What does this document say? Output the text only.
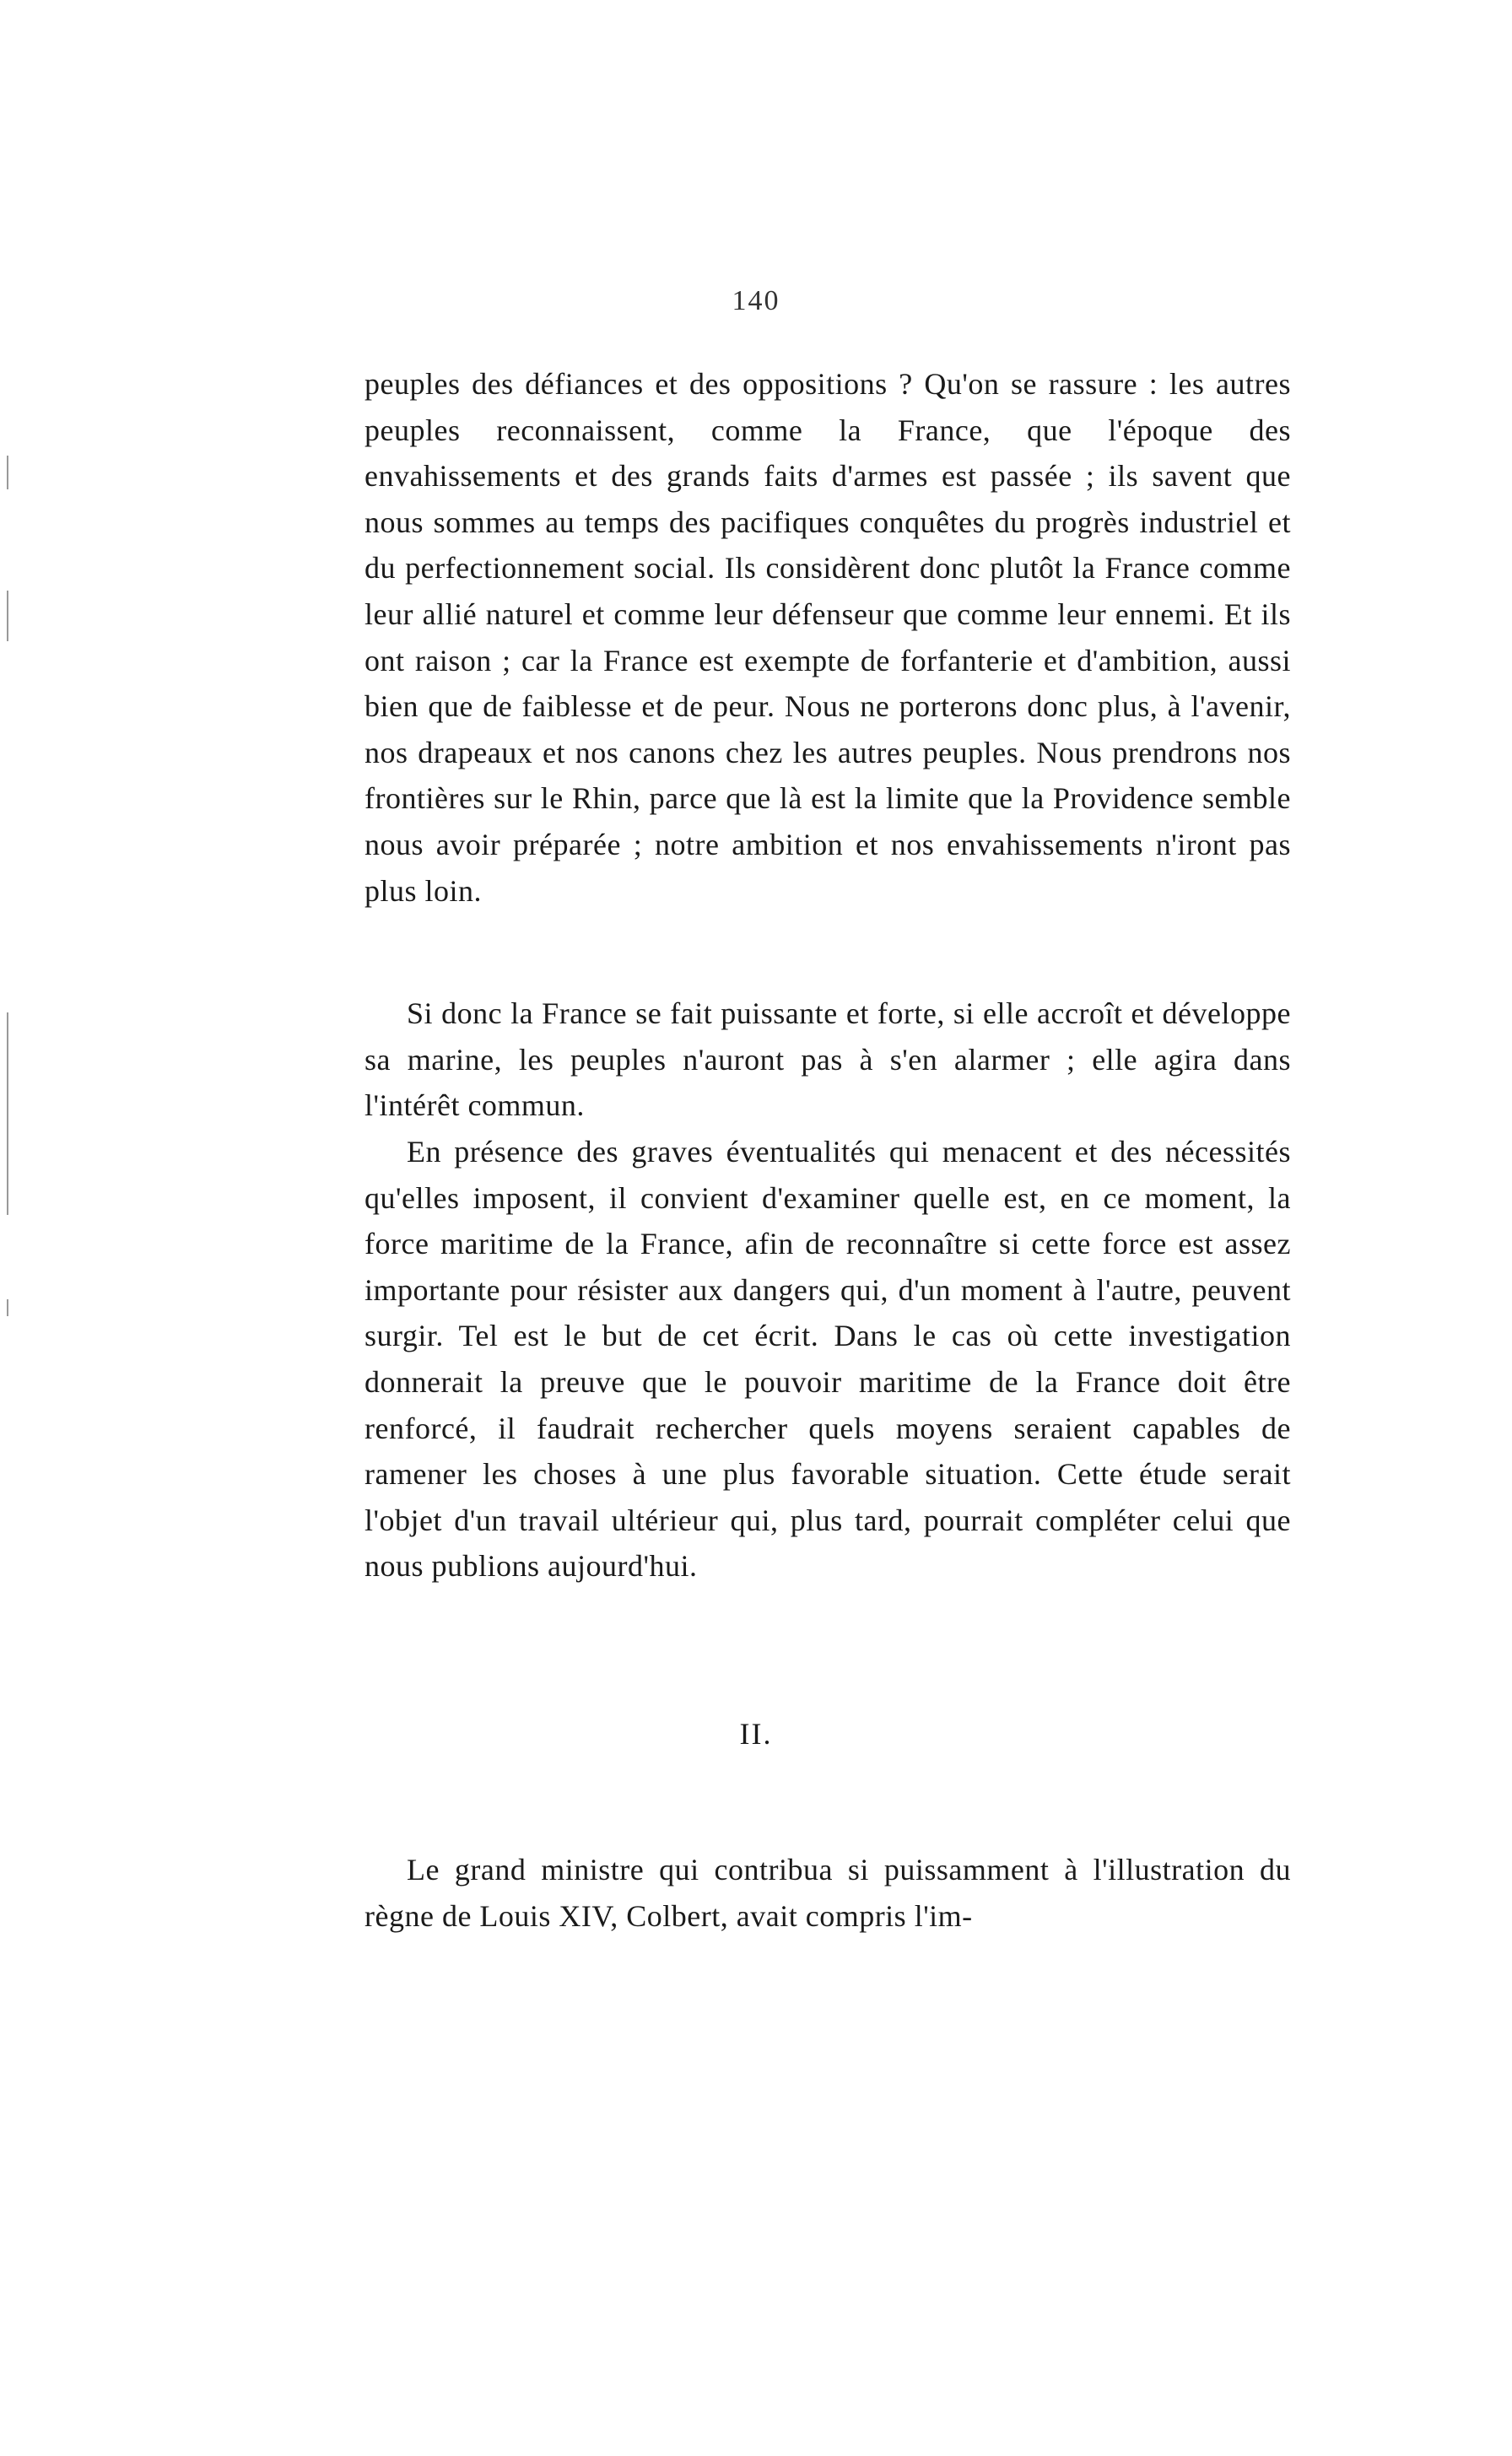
140

peuples des défiances et des oppositions ? Qu'on se rassure : les autres peuples reconnaissent, comme la France, que l'époque des envahissements et des grands faits d'armes est passée ; ils savent que nous sommes au temps des pacifiques conquêtes du progrès industriel et du perfectionnement social. Ils considèrent donc plutôt la France comme leur allié naturel et comme leur défenseur que comme leur ennemi. Et ils ont raison ; car la France est exempte de forfanterie et d'ambition, aussi bien que de faiblesse et de peur. Nous ne porterons donc plus, à l'avenir, nos drapeaux et nos canons chez les autres peuples. Nous prendrons nos frontières sur le Rhin, parce que là est la limite que la Providence semble nous avoir préparée ; notre ambition et nos envahissements n'iront pas plus loin.

Si donc la France se fait puissante et forte, si elle accroît et développe sa marine, les peuples n'auront pas à s'en alarmer ; elle agira dans l'intérêt commun.

En présence des graves éventualités qui menacent et des nécessités qu'elles imposent, il convient d'examiner quelle est, en ce moment, la force maritime de la France, afin de reconnaître si cette force est assez importante pour résister aux dangers qui, d'un moment à l'autre, peuvent surgir. Tel est le but de cet écrit. Dans le cas où cette investigation donnerait la preuve que le pouvoir maritime de la France doit être renforcé, il faudrait rechercher quels moyens seraient capables de ramener les choses à une plus favorable situation. Cette étude serait l'objet d'un travail ultérieur qui, plus tard, pourrait compléter celui que nous publions aujourd'hui.

II.

Le grand ministre qui contribua si puissamment à l'illustration du règne de Louis XIV, Colbert, avait compris l'im-
